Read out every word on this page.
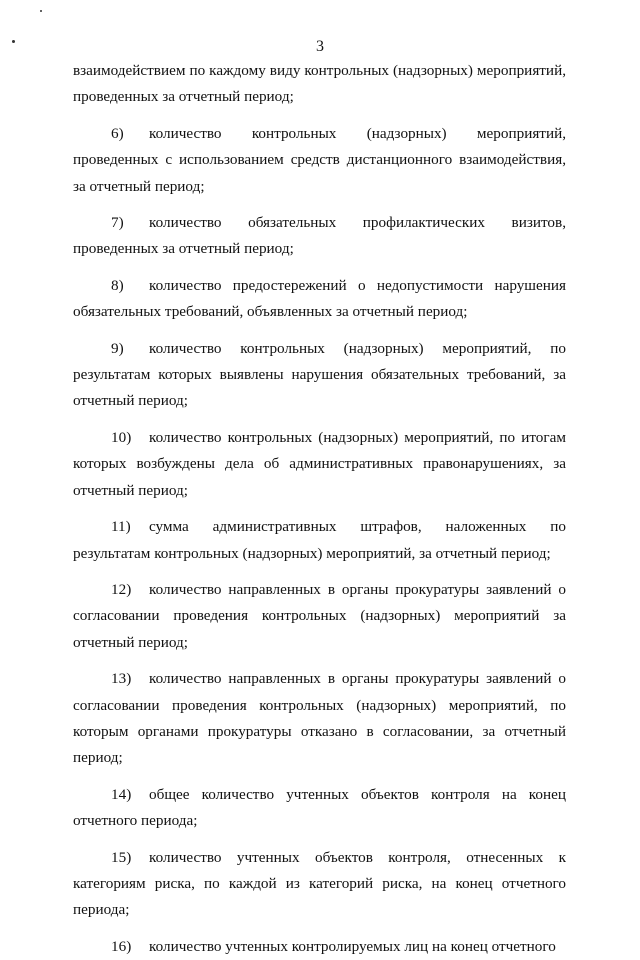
3

взаимодействием по каждому виду контрольных (надзорных) мероприятий, проведенных за отчетный период;

6) количество контрольных (надзорных) мероприятий, проведенных с использованием средств дистанционного взаимодействия, за отчетный период;

7) количество обязательных профилактических визитов, проведенных за отчетный период;

8) количество предостережений о недопустимости нарушения обязательных требований, объявленных за отчетный период;

9) количество контрольных (надзорных) мероприятий, по результатам которых выявлены нарушения обязательных требований, за отчетный период;

10) количество контрольных (надзорных) мероприятий, по итогам которых возбуждены дела об административных правонарушениях, за отчетный период;

11) сумма административных штрафов, наложенных по результатам контрольных (надзорных) мероприятий, за отчетный период;

12) количество направленных в органы прокуратуры заявлений о согласовании проведения контрольных (надзорных) мероприятий за отчетный период;

13) количество направленных в органы прокуратуры заявлений о согласовании проведения контрольных (надзорных) мероприятий, по которым органами прокуратуры отказано в согласовании, за отчетный период;

14) общее количество учтенных объектов контроля на конец отчетного периода;

15) количество учтенных объектов контроля, отнесенных к категориям риска, по каждой из категорий риска, на конец отчетного периода;

16) количество учтенных контролируемых лиц на конец отчетного
